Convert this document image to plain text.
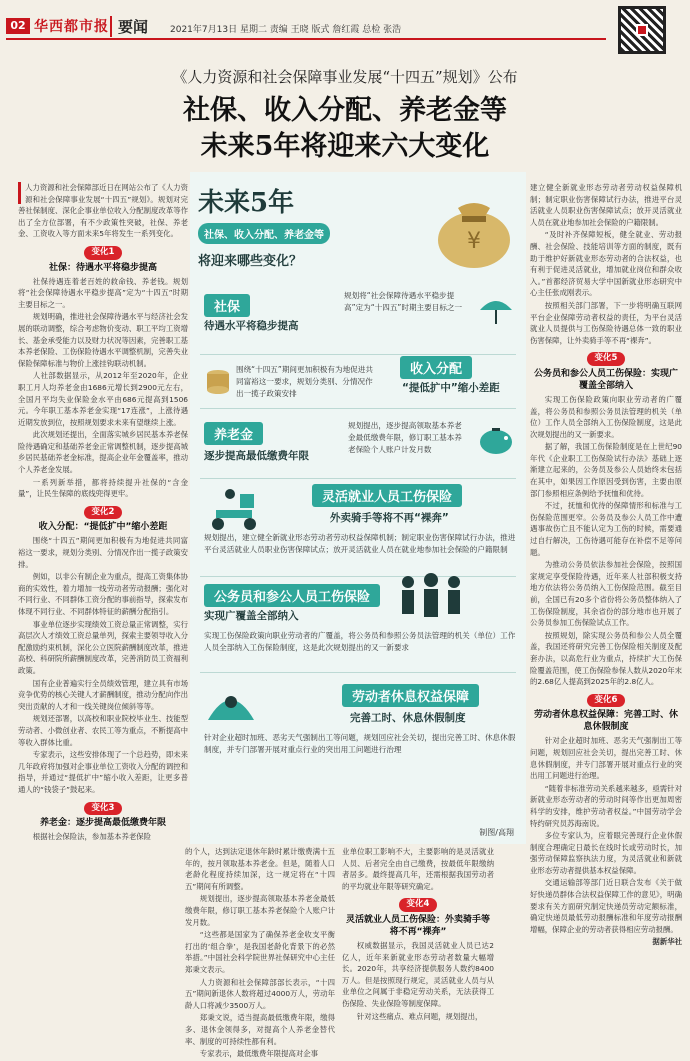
02 华西都市报 要闻 2021年7月13日 星期二 责编 王晓 版式 詹红霞 总检 张浩
《人力资源和社会保障事业发展“十四五”规划》公布
社保、收入分配、养老金等
未来5年将迎来六大变化

人力资源和社会保障部近日在网站公布了《人力资源和社会保障事业发展“十四五”规划》。规划对完善社保制度、深化企事业单位收入分配制度改革等作出了全方位部署，有不少政策性突破，社保、养老金、工资收入等方面未来5年将发生一系列变化。

变化1
社保：待遇水平将稳步提高

社保待遇连着老百姓的救命钱、养老钱。规划将“社会保障待遇水平稳步提高”定为“十四五”时期主要目标之一。

规划明确，推进社会保障待遇水平与经济社会发展的联动调整，综合考虑物价变动、职工平均工资增长、基金承受能力以及财力状况等因素，完善职工基本养老保险、工伤保险待遇水平调整机制，完善失业保险保障标准与物价上涨挂钩联动机制。

人社部数据显示，从2012年至2020年，企业职工月人均养老金由1686元增长到2900元左右，全国月平均失业保险金水平由686元提高到1506元。今年职工基本养老金实现“17连涨”，上涨待遇近期发放到位，按照规划要求未来有望继续上涨。

此次规划还提出，全面落实城乡居民基本养老保险待遇确定和基础养老金正常调整机制，逐步提高城乡居民基础养老金标准，提高企业年金覆盖率，推动个人养老金发展。

一系列新举措，都将持续提升社保的“含金量”，让民生保障的底线兜得更牢。

变化2
收入分配：“提低扩中”缩小差距

围绕“十四五”期间更加积极有为地促进共同富裕这一要求，规划分类别、分情况作出一揽子政策安排。

例如，以非公有制企业为重点，提高工资集体协商的实效性，着力增加一线劳动者劳动报酬；强化对不同行业、不同群体工资分配的事前指导，探索发布体现不同行业、不同群体特征的薪酬分配指引。

事业单位逐步实现绩效工资总量正常调整，实行高层次人才绩效工资总量单列，探索主要领导收入分配激励约束机制，深化公立医院薪酬制度改革，推进高校、科研院所薪酬制度改革，完善消防员工资福利政策。

国有企业普遍实行全员绩效管理，建立具有市场竞争优势的核心关键人才薪酬制度，推动分配向作出突出贡献的人才和一线关键岗位倾斜等等。

规划还部署，以高校和职业院校毕业生、技能型劳动者、小微创业者、农民工等为重点，不断提高中等收入群体比重。

专家表示，这些安排体现了一个总趋势，即未来几年政府将加强对企事业单位工资收入分配的调控和指导，并通过“提低扩中”缩小收入差距，让更多普通人的“钱袋子”鼓起来。

变化3
养老金：逐步提高最低缴费年限

根据社会保险法，参加基本养老保险

未来5年
社保、收入分配、养老金等
将迎来哪些变化？
¥
社保
待遇水平将稳步提高
规划将“社会保障待遇水平稳步提高”定为“十四五”时期主要目标之一
围绕“十四五”期间更加积极有为地促进共同富裕这一要求，规划分类别、分情况作出一揽子政策安排
收入分配
“提低扩中”缩小差距
养老金
逐步提高最低缴费年限
规划提出，逐步提高领取基本养老金最低缴费年限，修订职工基本养老保险个人账户计发月数
灵活就业人员工伤保险
外卖骑手等将不再“裸奔”
规划提出，建立健全新就业形态劳动者劳动权益保障机制；制定职业伤害保障试行办法，推进平台灵活就业人员职业伤害保障试点；放开灵活就业人员在就业地参加社会保险的户籍限制
公务员和参公人员工伤保险
实现广覆盖全部纳入
实现工伤保险政策向职业劳动者的广覆盖，将公务员和参照公务员法管理的机关（单位）工作人员全部纳入工伤保险制度，这是此次规划提出的又一新要求
劳动者休息权益保障
完善工时、休息休假制度
针对企业超时加班、恶劣天气强制出工等问题，规划回应社会关切，提出完善工时、休息休假制度，并专门部署开展对重点行业的突出用工问题进行治理
制图/高翔

的个人，达到法定退休年龄时累计缴费满十五年的，按月领取基本养老金。但是，随着人口老龄化程度持续加深，这一规定将在“十四五”期间有所调整。

规划提出，逐步提高领取基本养老金最低缴费年限，修订职工基本养老保险个人账户计发月数。

“这些都是国家为了确保养老金收支平衡打出的‘组合拳’，是我国老龄化背景下的必然举措。”中国社会科学院世界社保研究中心主任郑秉文表示。

人力资源和社会保障部部长表示，“十四五”期间新退休人数将超过4000万人，劳动年龄人口将减少3500万人。

郑秉文说，适当提高最低缴费年限，缴得多、退休金领得多，对提高个人养老金替代率、制度的可持续性都有利。

专家表示，最低缴费年限提高对企事

业单位职工影响不大，主要影响的是灵活就业人员、后者完全由自己缴费，按最低年限缴纳者居多。最终提高几年，还需根据我国劳动者的平均就业年限等研究确定。

变化4
灵活就业人员工伤保险：外卖骑手等将不再“裸奔”

权威数据显示，我国灵活就业人员已达2亿人，近年来新就业形态劳动者数量大幅增长。2020年，共享经济提供服务人数约8400万人。但是按照现行规定，灵活就业人员与从业单位之间属于非稳定劳动关系，无法获得工伤保险、失业保险等制度保障。

针对这些痛点、难点问题，规划提出，

建立健全新就业形态劳动者劳动权益保障机制；制定职业伤害保障试行办法，推进平台灵活就业人员职业伤害保障试点；放开灵活就业人员在就业地参加社会保险的户籍限制。

“及时补齐保障短板，健全就业、劳动报酬、社会保险、技能培训等方面的制度，既有助于维护好新就业形态劳动者的合法权益，也有利于促进灵活就业，增加就业岗位和群众收入。”首都经济贸易大学中国新就业形态研究中心主任张成刚表示。

按照相关部门部署，下一步将明确互联网平台企业保障劳动者权益的责任，为平台灵活就业人员提供与工伤保险待遇总体一致的职业伤害保障，让外卖骑手等不再“裸奔”。

变化5
公务员和参公人员工伤保险：实现广覆盖全部纳入

实现工伤保险政策向职业劳动者的广覆盖，将公务员和参照公务员法管理的机关（单位）工作人员全部纳入工伤保险制度，这是此次规划提出的又一新要求。

据了解，我国工伤保险制度是在上世纪90年代《企业职工工伤保险试行办法》基础上逐渐建立起来的，公务员及参公人员始终未包括在其中，如果因工作原因受到伤害，主要由原部门参照相应条例给予抚恤和优待。

不过，抚恤和优待的保障情形和标准与工伤保险范围更窄。公务员及参公人员工作中遭遇事故伤亡且不能认定为工伤的时候，需要通过自行解决，工伤待遇可能存在补偿不足等问题。

为推动公务员依法参加社会保险，按照国家规定享受保险待遇，近年来人社部积极支持地方依法将公务员纳入工伤保险范围。截至目前，全国已有20多个省份将公务员整体纳入了工伤保险制度，其余省份的部分地市也开展了公务员参加工伤保险试点工作。

按照规划，除实现公务员和参公人员全覆盖，我国还将研究完善工伤保险相关制度及配套办法，以高危行业为重点，持续扩大工伤保险覆盖范围，使工伤保险参保人数从2020年末的2.68亿人提高到2025年的2.8亿人。

变化6
劳动者休息权益保障：完善工时、休息休假制度

针对企业超时加班、恶劣天气强制出工等问题，规划回应社会关切，提出完善工时、休息休假制度，并专门部署开展对重点行业的突出用工问题进行治理。

“随着非标准劳动关系越来越多，亟需针对新就业形态劳动者的劳动时间等作出更加周密科学的安排，维护劳动者权益。”中国劳动学会特约研究员苏海南说。

多位专家认为，应着眼完善现行企业休假制度合理确定日最长在线时长或劳动时长，加强劳动保障监察执法力度，为灵活就业和新就业形态劳动者提供基本权益保障。

交通运输部等部门近日联合发布《关于做好快递员群体合法权益保障工作的意见》，明确要求有关方面研究制定快递员劳动定额标准，确定快递员最低劳动报酬标准和年度劳动报酬增幅，保障企业的劳动者获得相应劳动报酬。

据新华社
